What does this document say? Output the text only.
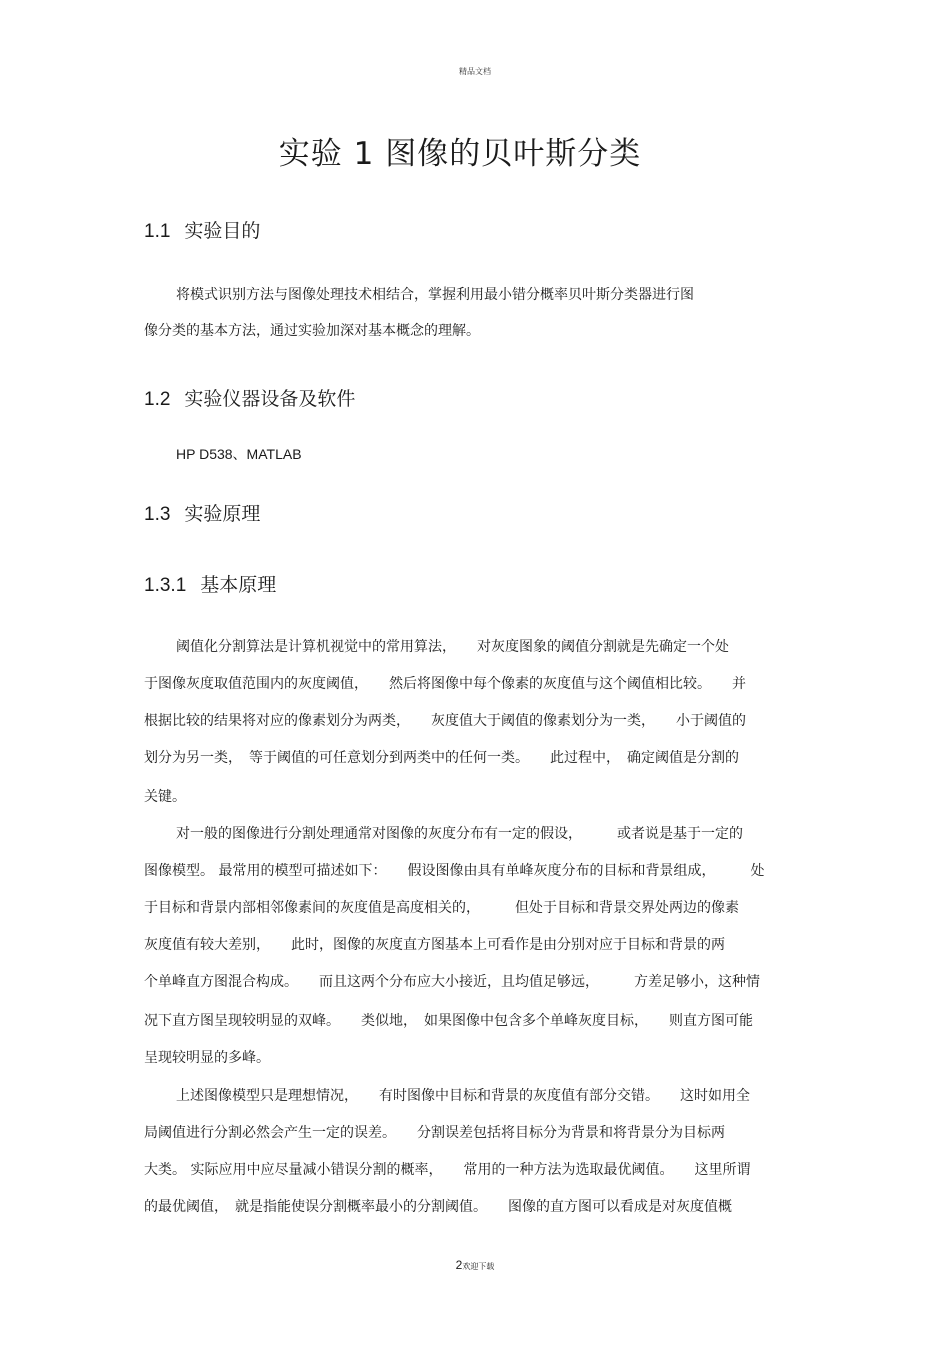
精品文档
实验 1 图像的贝叶斯分类
1.1 实验目的

将模式识别方法与图像处理技术相结合，掌握利用最小错分概率贝叶斯分类器进行图

像分类的基本方法，通过实验加深对基本概念的理解。

1.2 实验仪器设备及软件

HP D538、MATLAB

1.3 实验原理
1.3.1 基本原理

阈值化分割算法是计算机视觉中的常用算法，　　对灰度图象的阈值分割就是先确定一个处

于图像灰度取值范围内的灰度阈值，　　然后将图像中每个像素的灰度值与这个阈值相比较。　　并

根据比较的结果将对应的像素划分为两类，　　灰度值大于阈值的像素划分为一类，　　小于阈值的

划分为另一类，　等于阈值的可任意划分到两类中的任何一类。　　此过程中，　确定阈值是分割的

关键。

对一般的图像进行分割处理通常对图像的灰度分布有一定的假设，　　　或者说是基于一定的

图像模型。 最常用的模型可描述如下：　　假设图像由具有单峰灰度分布的目标和背景组成，　　　处

于目标和背景内部相邻像素间的灰度值是高度相关的，　　　但处于目标和背景交界处两边的像素

灰度值有较大差别，　　此时，图像的灰度直方图基本上可看作是由分别对应于目标和背景的两

个单峰直方图混合构成。　　而且这两个分布应大小接近，且均值足够远，　　　方差足够小，这种情

况下直方图呈现较明显的双峰。　　类似地，　如果图像中包含多个单峰灰度目标，　　则直方图可能

呈现较明显的多峰。

上述图像模型只是理想情况，　　有时图像中目标和背景的灰度值有部分交错。　　这时如用全

局阈值进行分割必然会产生一定的误差。　　分割误差包括将目标分为背景和将背景分为目标两

大类。 实际应用中应尽量减小错误分割的概率，　　常用的一种方法为选取最优阈值。　　这里所谓

的最优阈值，　就是指能使误分割概率最小的分割阈值。　　图像的直方图可以看成是对灰度值概

2欢迎下载
